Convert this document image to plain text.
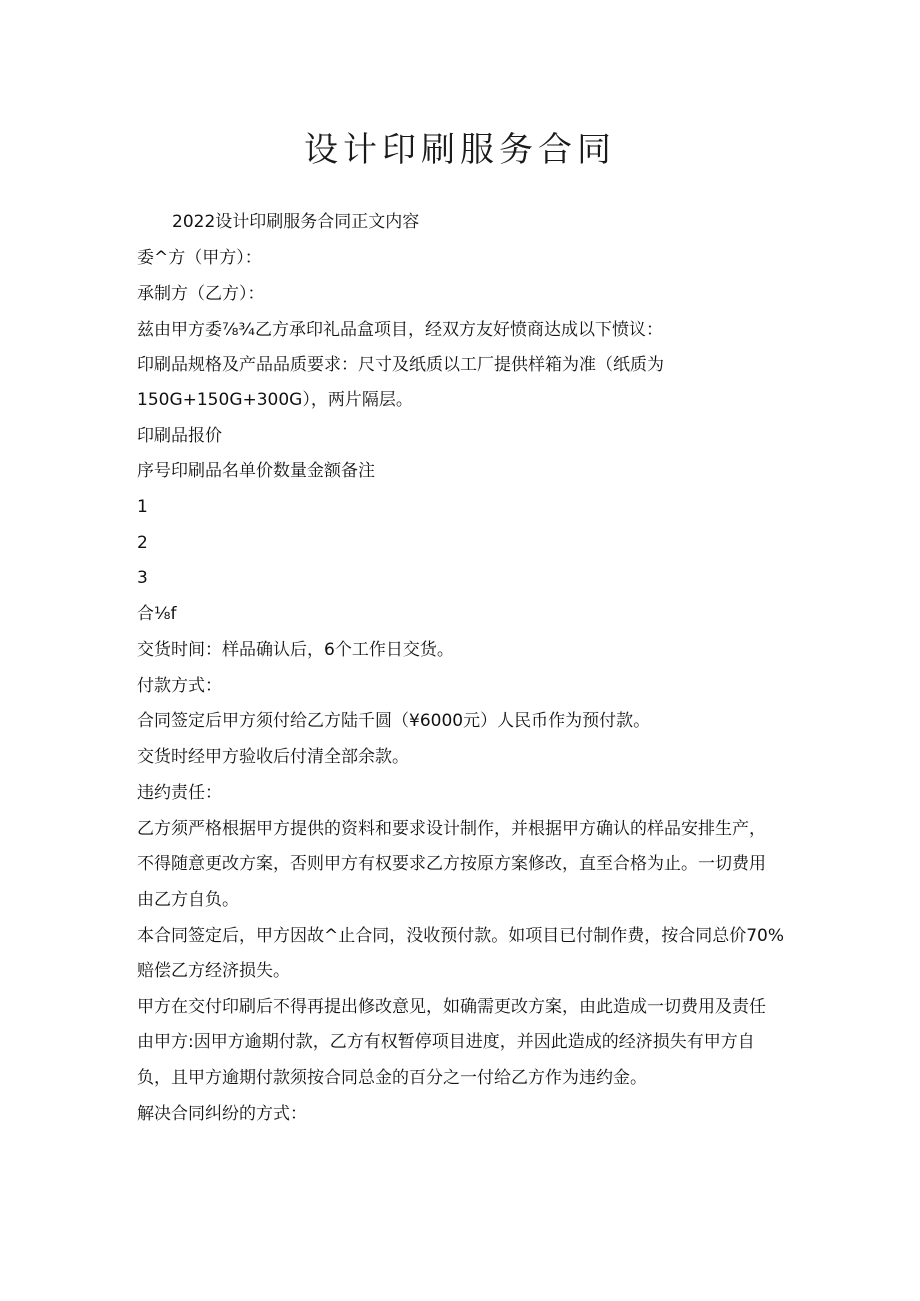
设计印刷服务合同
2022设计印刷服务合同正文内容
委^方（甲方）：
承制方（乙方）：
兹由甲方委⅞¾乙方承印礼品盒项目，经双方友好愤商达成以下愤议：
印刷品规格及产品品质要求：尺寸及纸质以工厂提供样箱为准（纸质为
150G+150G+300G），两片隔层。
印刷品报价
序号印刷品名单价数量金额备注
1
2
3
合⅛f
交货时间：样品确认后，6个工作日交货。
付款方式：
合同签定后甲方须付给乙方陆千圆（¥6000元）人民币作为预付款。
交货时经甲方验收后付清全部余款。
违约责任：
乙方须严格根据甲方提供的资料和要求设计制作，并根据甲方确认的样品安排生产，
不得随意更改方案，否则甲方有权要求乙方按原方案修改，直至合格为止。一切费用
由乙方自负。
本合同签定后，甲方因故^止合同，没收预付款。如项目已付制作费，按合同总价70%
赔偿乙方经济损失。
甲方在交付印刷后不得再提出修改意见，如确需更改方案，由此造成一切费用及责任
由甲方:因甲方逾期付款，乙方有权暂停项目进度，并因此造成的经济损失有甲方自
负，且甲方逾期付款须按合同总金的百分之一付给乙方作为违约金。
解决合同纠纷的方式：
